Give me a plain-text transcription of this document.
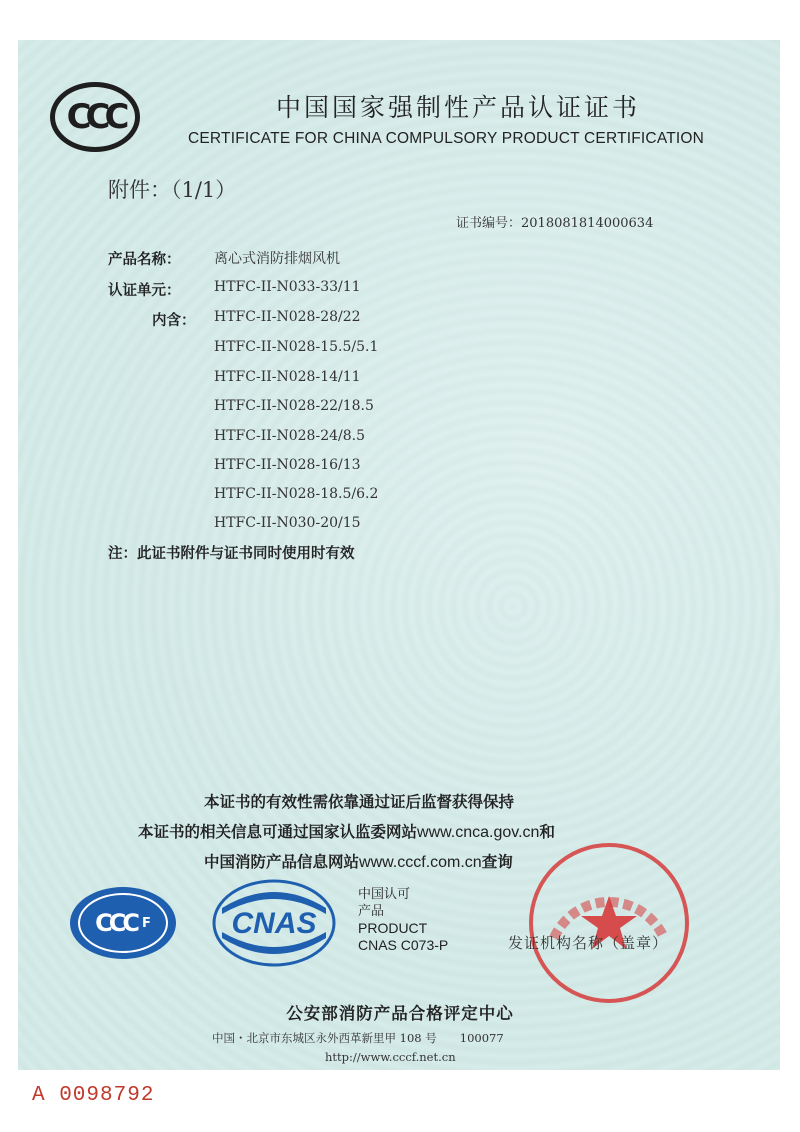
CCC	中国国家强制性产品认证证书
CERTIFICATE FOR CHINA COMPULSORY PRODUCT CERTIFICATION
附件：（1/1）
证书编号：2018081814000634
产品名称： 离心式消防排烟风机
认证单元： HTFC-II-N033-33/11
内含： HTFC-II-N028-28/22
HTFC-II-N028-15.5/5.1
HTFC-II-N028-14/11
HTFC-II-N028-22/18.5
HTFC-II-N028-24/8.5
HTFC-II-N028-16/13
HTFC-II-N028-18.5/6.2
HTFC-II-N030-20/15
注：此证书附件与证书同时使用时有效
本证书的有效性需依靠通过证后监督获得保持
本证书的相关信息可通过国家认监委网站www.cnca.gov.cn和
中国消防产品信息网站www.cccf.com.cn查询
CCC F	CNAS
中国认可
产品
PRODUCT
CNAS C073-P	发证机构名称（盖章）
公安部消防产品合格评定中心
中国・北京市东城区永外西革新里甲 108 号　　100077
http://www.cccf.net.cn
A 0098792
